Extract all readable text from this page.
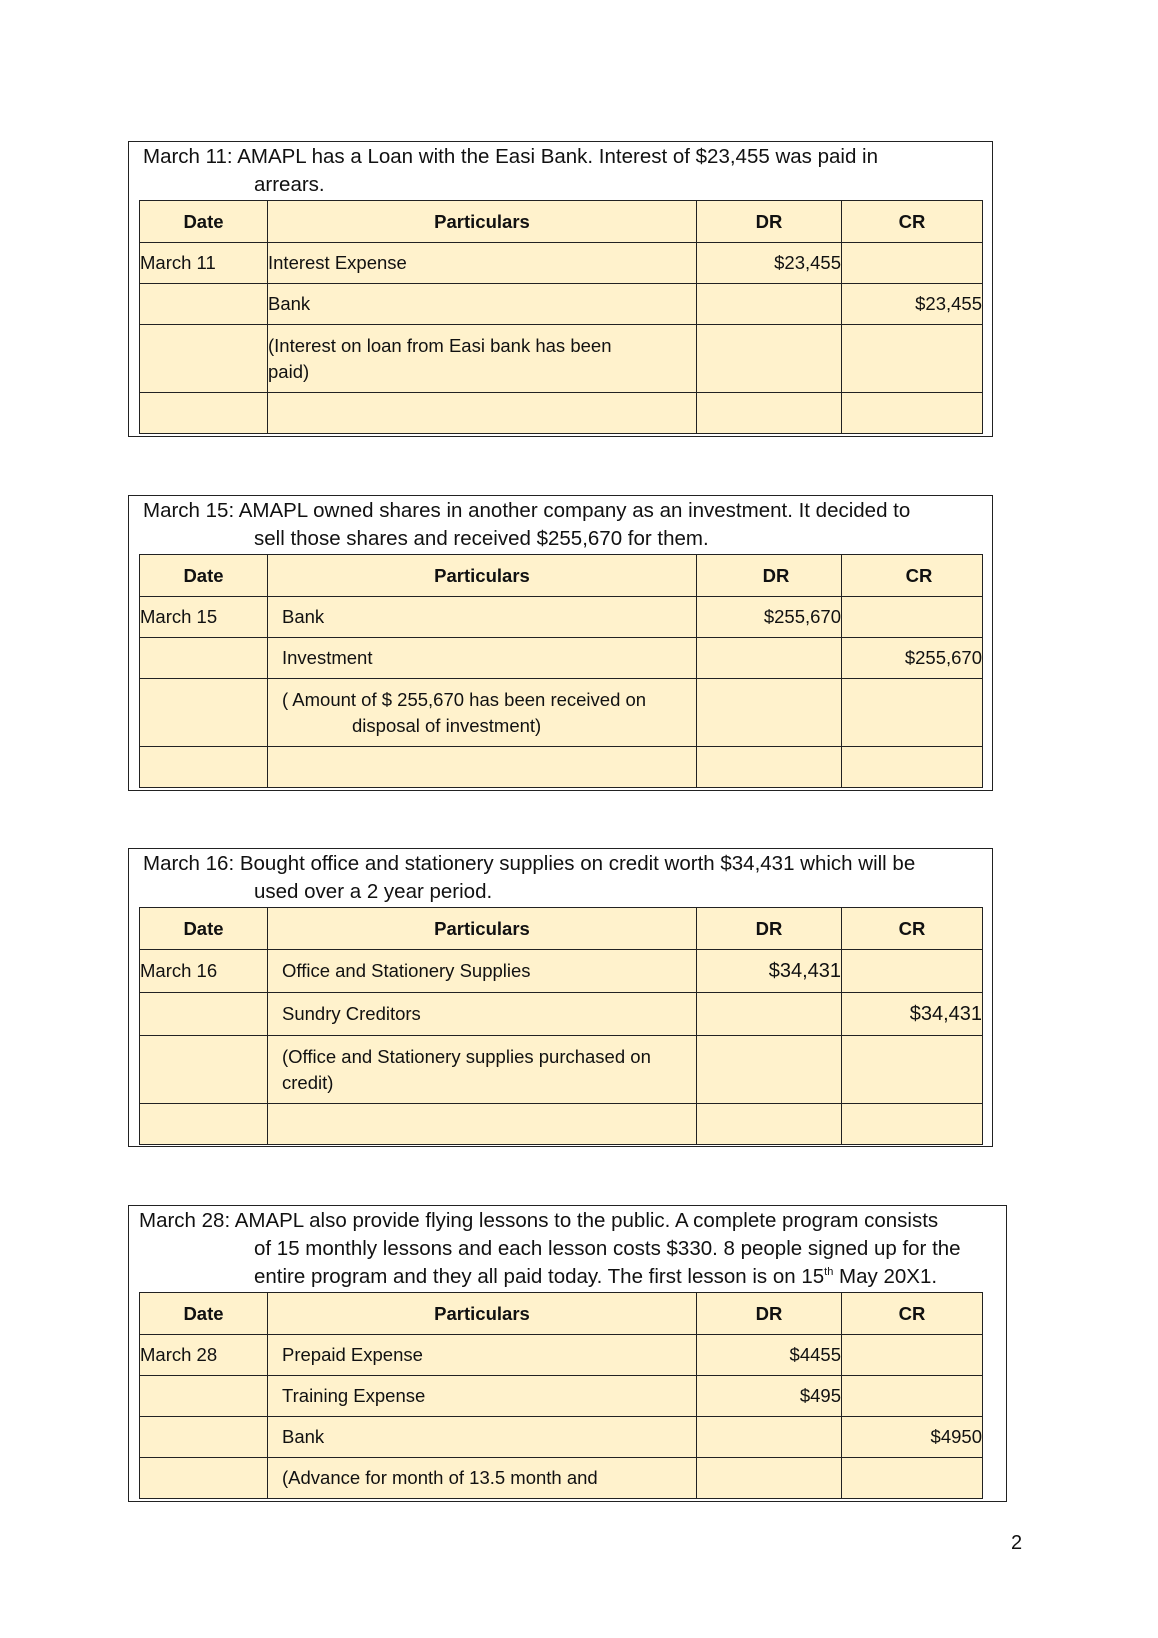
March 11: AMAPL has a Loan with the Easi Bank. Interest of $23,455 was paid in
arrears.
Date	Particulars	DR	CR
March 11	Interest Expense	$23,455	
	Bank		$23,455
	(Interest on loan from Easi bank has been paid)		

March 15: AMAPL owned shares in another company as an investment. It decided to
sell those shares and received $255,670 for them.
Date	Particulars	DR	CR
March 15	Bank	$255,670	
	Investment		$255,670

	( Amount of $ 255,670 has been received on
disposal of investment)		

March 16: Bought office and stationery supplies on credit worth $34,431 which will be
used over a 2 year period.
Date	Particulars	DR	CR
March 16	Office and Stationery Supplies	$34,431	
	Sundry Creditors		$34,431
	(Office and Stationery supplies purchased on credit)		

March 28: AMAPL also provide flying lessons to the public. A complete program consists
of 15 monthly lessons and each lesson costs $330. 8 people signed up for the
entire program and they all paid today. The first lesson is on 15th May 20X1.
Date	Particulars	DR	CR
March 28	Prepaid Expense	$4455	
	Training Expense	$495	
	Bank		$4950
	(Advance for month of 13.5 month and		
2
